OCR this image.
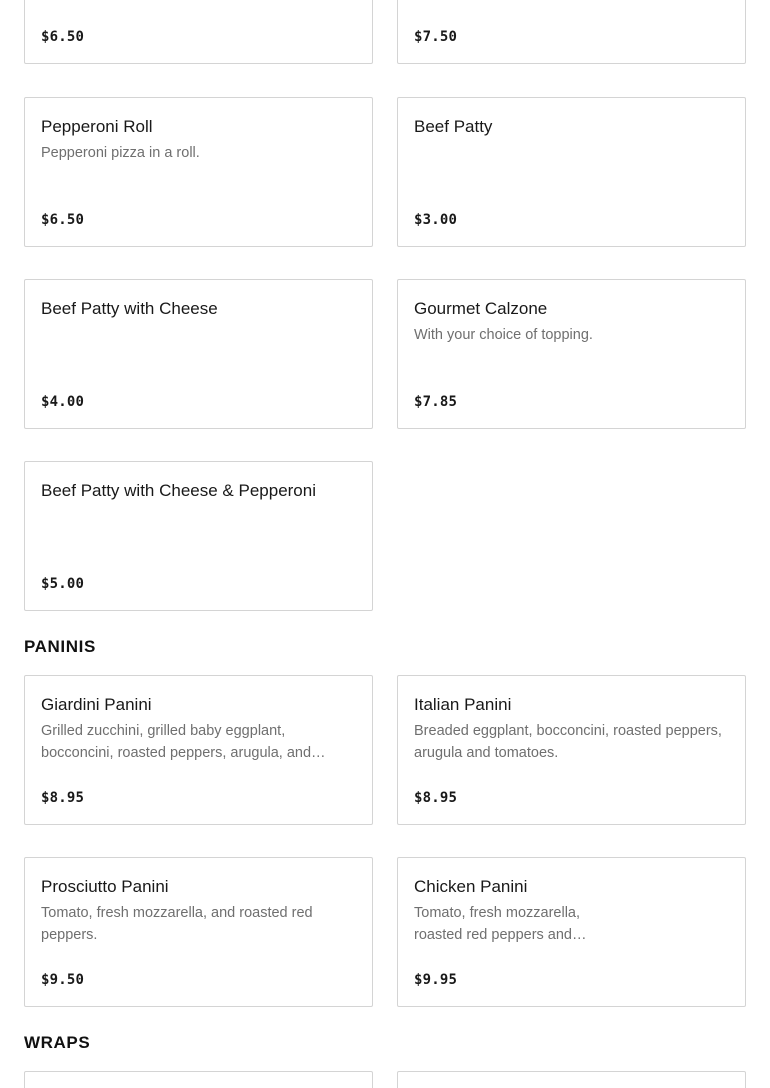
$6.50	$7.50
Pepperoni Roll
Pepperoni pizza in a roll.
$6.50
Beef Patty
$3.00
Beef Patty with Cheese
$4.00
Gourmet Calzone
With your choice of topping.
$7.85
Beef Patty with Cheese & Pepperoni
$5.00
PANINIS
Giardini Panini
Grilled zucchini, grilled baby eggplant, bocconcini, roasted peppers, arugula, and…
$8.95
Italian Panini
Breaded eggplant, bocconcini, roasted peppers, arugula and tomatoes.
$8.95
Prosciutto Panini
Tomato, fresh mozzarella, and roasted red peppers.
$9.50
Chicken Panini
Tomato, fresh mozzarella, roasted red peppers and…
$9.95
WRAPS
